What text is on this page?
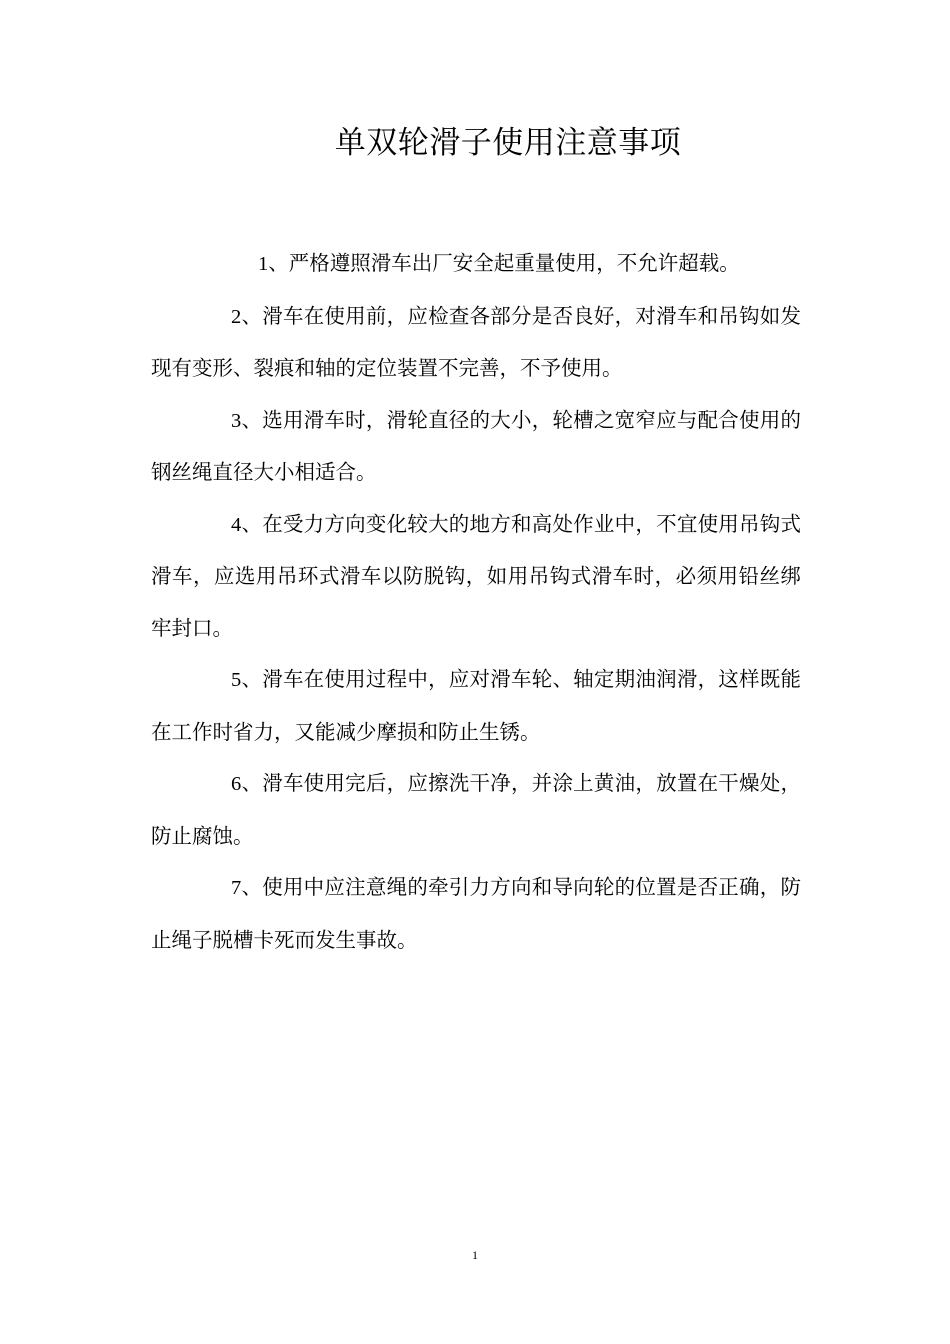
单双轮滑子使用注意事项

1、严格遵照滑车出厂安全起重量使用，不允许超载。

2、滑车在使用前，应检查各部分是否良好，对滑车和吊钩如发现有变形、裂痕和轴的定位装置不完善，不予使用。

3、选用滑车时，滑轮直径的大小，轮槽之宽窄应与配合使用的钢丝绳直径大小相适合。

4、在受力方向变化较大的地方和高处作业中，不宜使用吊钩式滑车，应选用吊环式滑车以防脱钩，如用吊钩式滑车时，必须用铅丝绑牢封口。

5、滑车在使用过程中，应对滑车轮、轴定期油润滑，这样既能在工作时省力，又能减少摩损和防止生锈。

6、滑车使用完后，应擦洗干净，并涂上黄油，放置在干燥处，防止腐蚀。

7、使用中应注意绳的牵引力方向和导向轮的位置是否正确，防止绳子脱槽卡死而发生事故。

1
